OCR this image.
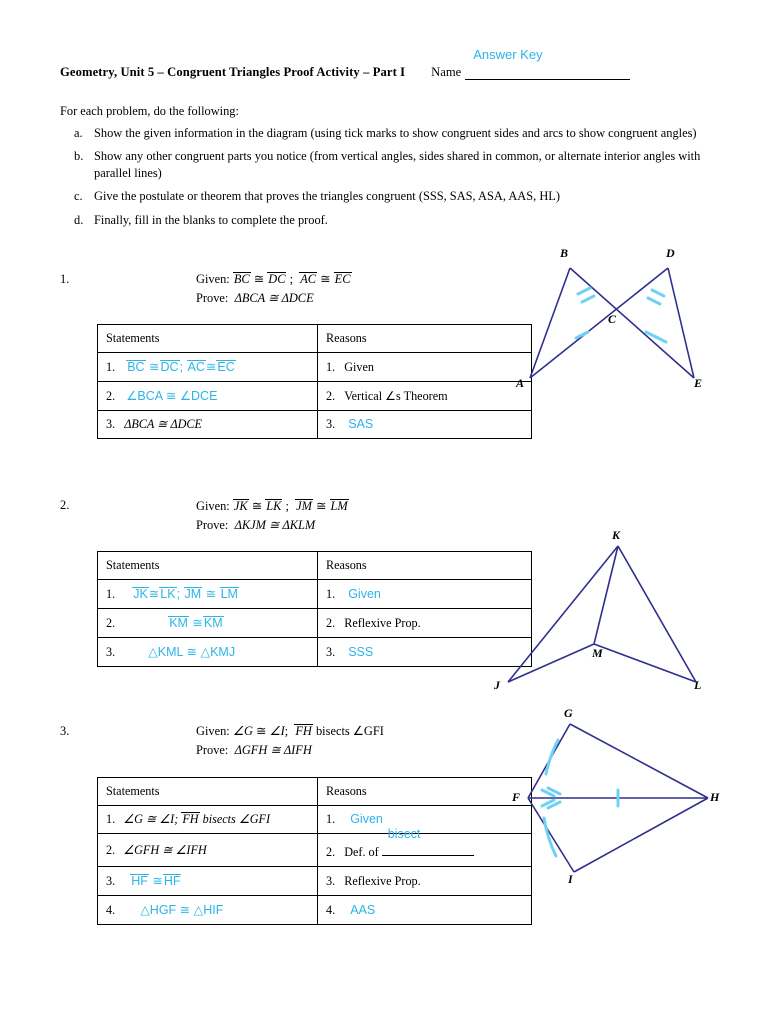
Geometry, Unit 5 – Congruent Triangles Proof Activity – Part I Name
Answer Key
For each problem, do the following:
a. Show the given information in the diagram (using tick marks to show congruent sides and arcs to show congruent angles)
b. Show any other congruent parts you notice (from vertical angles, sides shared in common, or alternate interior angles with parallel lines)
c. Give the postulate or theorem that proves the triangles congruent (SSS, SAS, ASA, AAS, HL)
d. Finally, fill in the blanks to complete the proof.
1.	Given: BC ≅ DC ;  AC ≅ EC
Prove: ΔBCA ≅ ΔDCE
Statements	Reasons
1. BC ≅DC; AC≅EC	1. Given
2. ∠BCA ≅ ∠DCE	2. Vertical ∠s Theorem
3. ΔBCA ≅ ΔDCE	3. SAS
B	D
C
A	E
2.	Given: JK ≅ LK ;  JM ≅ LM
Prove: ΔKJM ≅ ΔKLM
Statements	Reasons
1. JK≅LK; JM ≅ LM	1. Given
2. KM ≅KM	2. Reflexive Prop.
3. △KML ≅ △KMJ	3. SSS
K
M
J	L
3.	Given: ∠G ≅ ∠I;  FH bisects ∠GFI
Prove: ΔGFH ≅ ΔIFH
Statements	Reasons
1. ∠G ≅ ∠I; FH bisects ∠GFI	1. Given
2. ∠GFH ≅ ∠IFH	2. Def. of
bisect

3. HF ≅HF	3. Reflexive Prop.
4. △HGF ≅ △HIF	4. AAS
G
F	H
I
